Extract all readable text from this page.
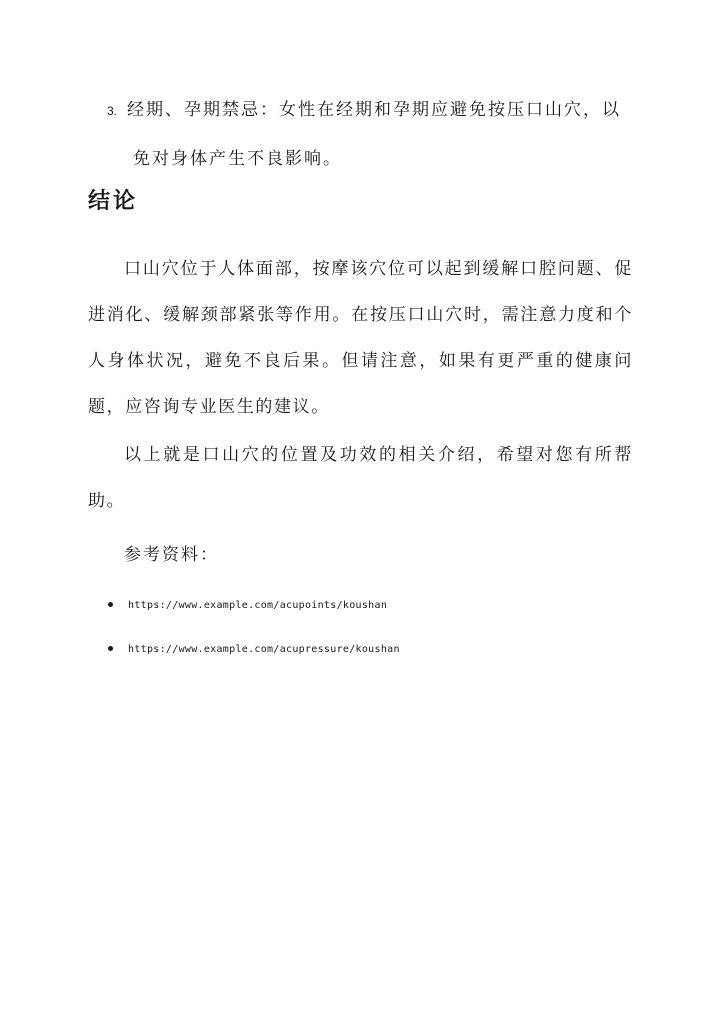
3. 经期、孕期禁忌：女性在经期和孕期应避免按压口山穴，以
免对身体产生不良影响。
结论

口山穴位于人体面部，按摩该穴位可以起到缓解口腔问题、促进消化、缓解颈部紧张等作用。在按压口山穴时，需注意力度和个人身体状况，避免不良后果。但请注意，如果有更严重的健康问题，应咨询专业医生的建议。

以上就是口山穴的位置及功效的相关介绍，希望对您有所帮助。

参考资料：

https://www.example.com/acupoints/koushan
https://www.example.com/acupressure/koushan
